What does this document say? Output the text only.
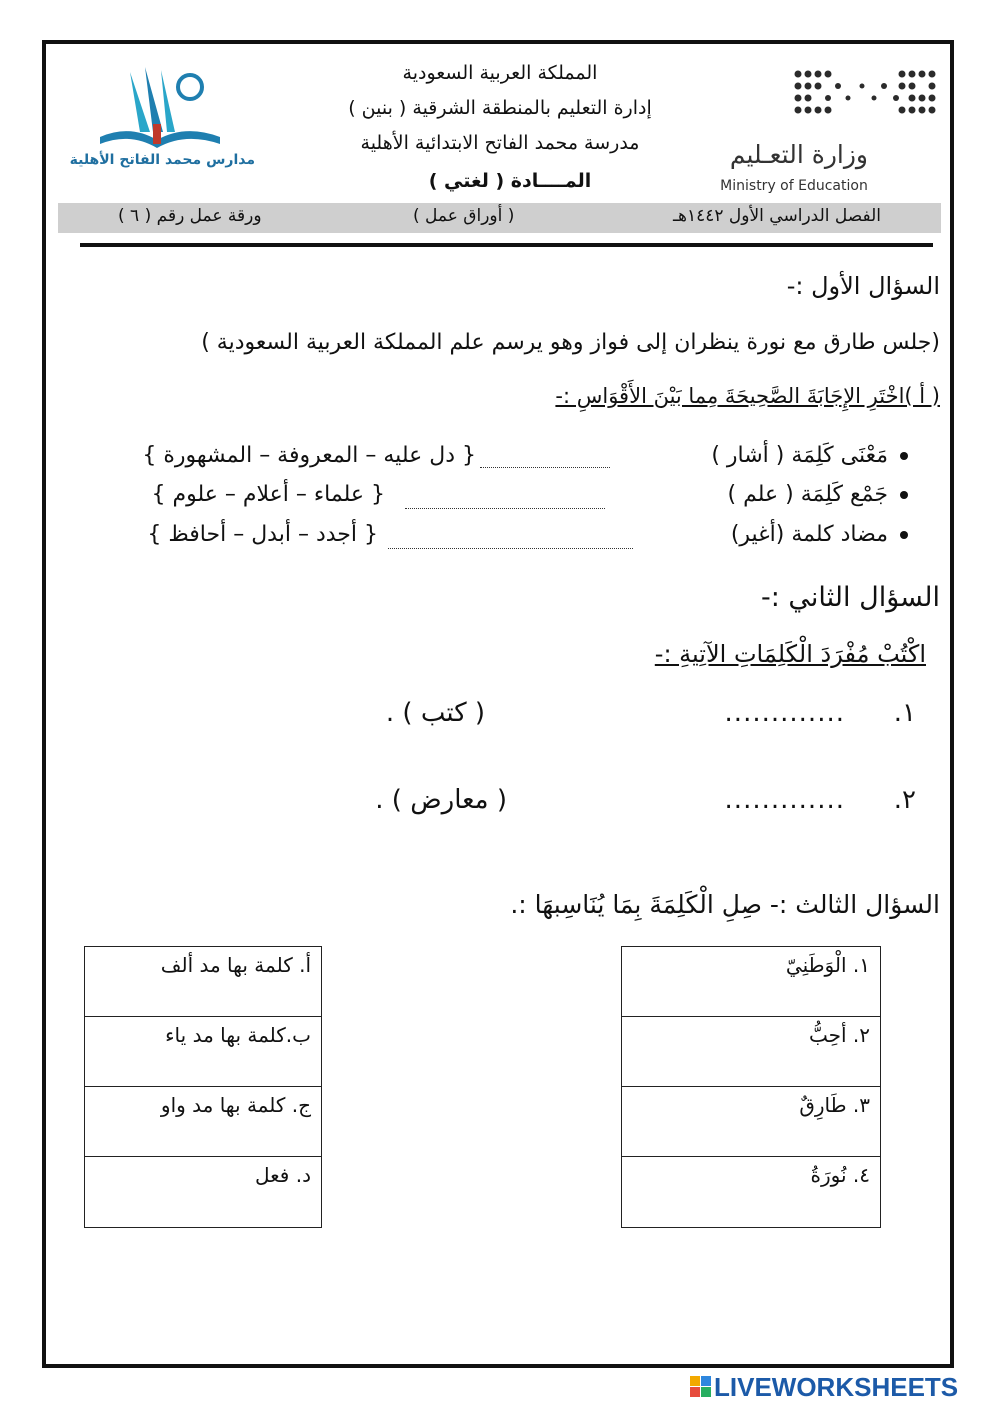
وزارة التعـليم
Ministry of Education
المملكة العربية السعودية
إدارة التعليم بالمنطقة الشرقية ( بنين )
مدرسة محمد الفاتح الابتدائية الأهلية
المــــادة ( لغتي )
مدارس محمد الفاتح الأهلية
الفصل الدراسي الأول ١٤٤٢هـ
( أوراق عمل )
ورقة عمل رقم ( ٦ )
السؤال الأول :-
(جلس طارق مع نورة ينظران إلى فواز وهو يرسم علم المملكة العربية السعودية )
( أ )اخْتَرِ الإِجَابَةَ الصَّحِيحَةَ مِما بَيْنَ الأَقْوَاسِ :-
مَعْنَى كَلِمَة ( أشار )
{ دل عليه – المعروفة – المشهورة }
جَمْع كَلِمَة ( علم )
{ علماء – أعلام – علوم }
مضاد كلمة (أغير)
{ أجدد – أبدل – أحافظ }
السؤال الثاني :-
اكْتُبْ مُفْرَدَ الْكَلِمَاتِ الآتِيةِ :-
١.
.............
( كتب ) .
٢.
.............
( معارض ) .
السؤال الثالث :- صِلِ الْكَلِمَةَ بِمَا يُنَاسِبهَا :.
١. الْوَطَنِيّ
٢. أحِبُّ
٣. طَارِقٌ
٤. نُورَةُ
أ. كلمة بها مد ألف
ب.كلمة بها مد ياء
ج. كلمة بها مد واو
د. فعل
LIVEWORKSHEETS
